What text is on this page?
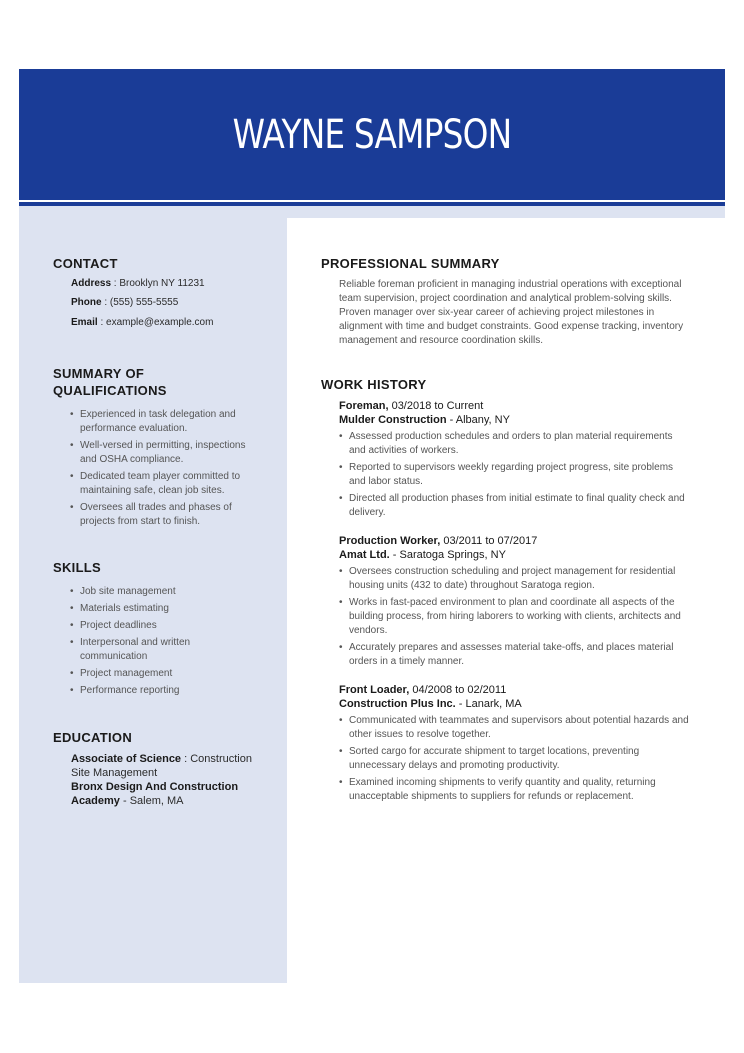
WAYNE SAMPSON
CONTACT
Address : Brooklyn NY 11231
Phone : (555) 555-5555
Email : example@example.com
SUMMARY OF
QUALIFICATIONS
• Experienced in task delegation and performance evaluation.
• Well-versed in permitting, inspections and OSHA compliance.
• Dedicated team player committed to maintaining safe, clean job sites.
• Oversees all trades and phases of projects from start to finish.
SKILLS
• Job site management
• Materials estimating
• Project deadlines
• Interpersonal and written communication
• Project management
• Performance reporting
EDUCATION
Associate of Science : Construction Site Management
Bronx Design And Construction Academy - Salem, MA
PROFESSIONAL SUMMARY

Reliable foreman proficient in managing industrial operations with exceptional team supervision, project coordination and analytical problem-solving skills. Proven manager over six-year career of achieving project milestones in alignment with time and budget constraints. Good expense tracking, inventory management and resource coordination skills.

WORK HISTORY
Foreman, 03/2018 to Current
Mulder Construction - Albany, NY
• Assessed production schedules and orders to plan material requirements and activities of workers.
• Reported to supervisors weekly regarding project progress, site problems and labor status.
• Directed all production phases from initial estimate to final quality check and delivery.
Production Worker, 03/2011 to 07/2017
Amat Ltd. - Saratoga Springs, NY
• Oversees construction scheduling and project management for residential housing units (432 to date) throughout Saratoga region.
• Works in fast-paced environment to plan and coordinate all aspects of the building process, from hiring laborers to working with clients, architects and vendors.
• Accurately prepares and assesses material take-offs, and places material orders in a timely manner.
Front Loader, 04/2008 to 02/2011
Construction Plus Inc. - Lanark, MA
• Communicated with teammates and supervisors about potential hazards and other issues to resolve together.
• Sorted cargo for accurate shipment to target locations, preventing unnecessary delays and promoting productivity.
• Examined incoming shipments to verify quantity and quality, returning unacceptable shipments to suppliers for refunds or replacement.
